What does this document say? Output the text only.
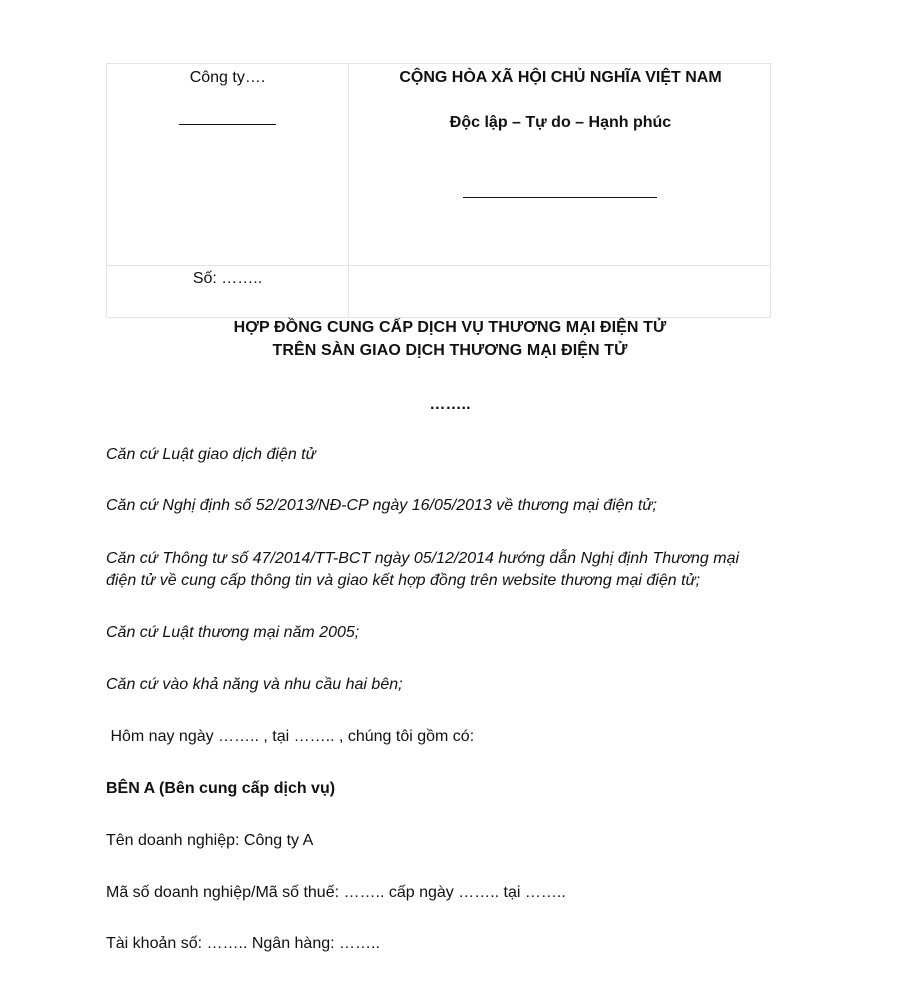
Công ty….
Số: ……..
CỘNG HÒA XÃ HỘI CHỦ NGHĨA VIỆT NAM
Độc lập – Tự do – Hạnh phúc
HỢP ĐỒNG CUNG CẤP DỊCH VỤ THƯƠNG MẠI ĐIỆN TỬ
TRÊN SÀN GIAO DỊCH THƯƠNG MẠI ĐIỆN TỬ
……..
Căn cứ Luật giao dịch điện tử
Căn cứ Nghị định số 52/2013/NĐ-CP ngày 16/05/2013 về thương mại điện tử;
Căn cứ Thông tư số 47/2014/TT-BCT ngày 05/12/2014 hướng dẫn Nghị định Thương mại
điện tử về cung cấp thông tin và giao kết hợp đồng trên website thương mại điện tử;
Căn cứ Luật thương mại năm 2005;
Căn cứ vào khả năng và nhu cầu hai bên;
Hôm nay ngày …….. , tại …….. , chúng tôi gồm có:
BÊN A (Bên cung cấp dịch vụ)
Tên doanh nghiệp: Công ty A
Mã số doanh nghiệp/Mã số thuế: …….. cấp ngày …….. tại ……..
Tài khoản số: …….. Ngân hàng: ……..
